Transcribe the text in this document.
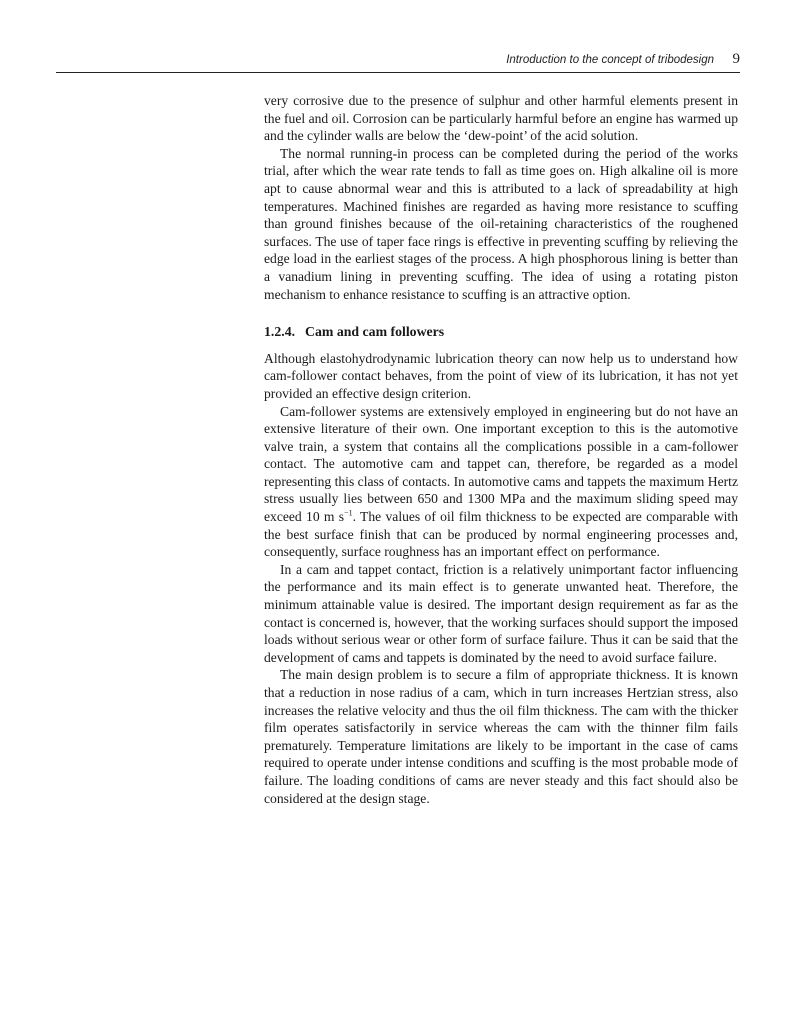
Introduction to the concept of tribodesign 9

very corrosive due to the presence of sulphur and other harmful elements present in the fuel and oil. Corrosion can be particularly harmful before an engine has warmed up and the cylinder walls are below the ‘dew-point’ of the acid solution.

The normal running-in process can be completed during the period of the works trial, after which the wear rate tends to fall as time goes on. High alkaline oil is more apt to cause abnormal wear and this is attributed to a lack of spreadability at high temperatures. Machined finishes are regarded as having more resistance to scuffing than ground finishes because of the oil-retaining characteristics of the roughened surfaces. The use of taper face rings is effective in preventing scuffing by relieving the edge load in the earliest stages of the process. A high phosphorous lining is better than a vanadium lining in preventing scuffing. The idea of using a rotating piston mechanism to enhance resistance to scuffing is an attractive option.

1.2.4. Cam and cam followers

Although elastohydrodynamic lubrication theory can now help us to understand how cam-follower contact behaves, from the point of view of its lubrication, it has not yet provided an effective design criterion.

Cam-follower systems are extensively employed in engineering but do not have an extensive literature of their own. One important exception to this is the automotive valve train, a system that contains all the complications possible in a cam-follower contact. The automotive cam and tappet can, therefore, be regarded as a model representing this class of contacts. In automotive cams and tappets the maximum Hertz stress usually lies between 650 and 1300 MPa and the maximum sliding speed may exceed 10 m $s^{-1}$. The values of oil film thickness to be expected are comparable with the best surface finish that can be produced by normal engineering processes and, consequently, surface roughness has an important effect on performance.

In a cam and tappet contact, friction is a relatively unimportant factor influencing the performance and its main effect is to generate unwanted heat. Therefore, the minimum attainable value is desired. The important design requirement as far as the contact is concerned is, however, that the working surfaces should support the imposed loads without serious wear or other form of surface failure. Thus it can be said that the development of cams and tappets is dominated by the need to avoid surface failure.

The main design problem is to secure a film of appropriate thickness. It is known that a reduction in nose radius of a cam, which in turn increases Hertzian stress, also increases the relative velocity and thus the oil film thickness. The cam with the thicker film operates satisfactorily in service whereas the cam with the thinner film fails prematurely. Temperature limitations are likely to be important in the case of cams required to operate under intense conditions and scuffing is the most probable mode of failure. The loading conditions of cams are never steady and this fact should also be considered at the design stage.
